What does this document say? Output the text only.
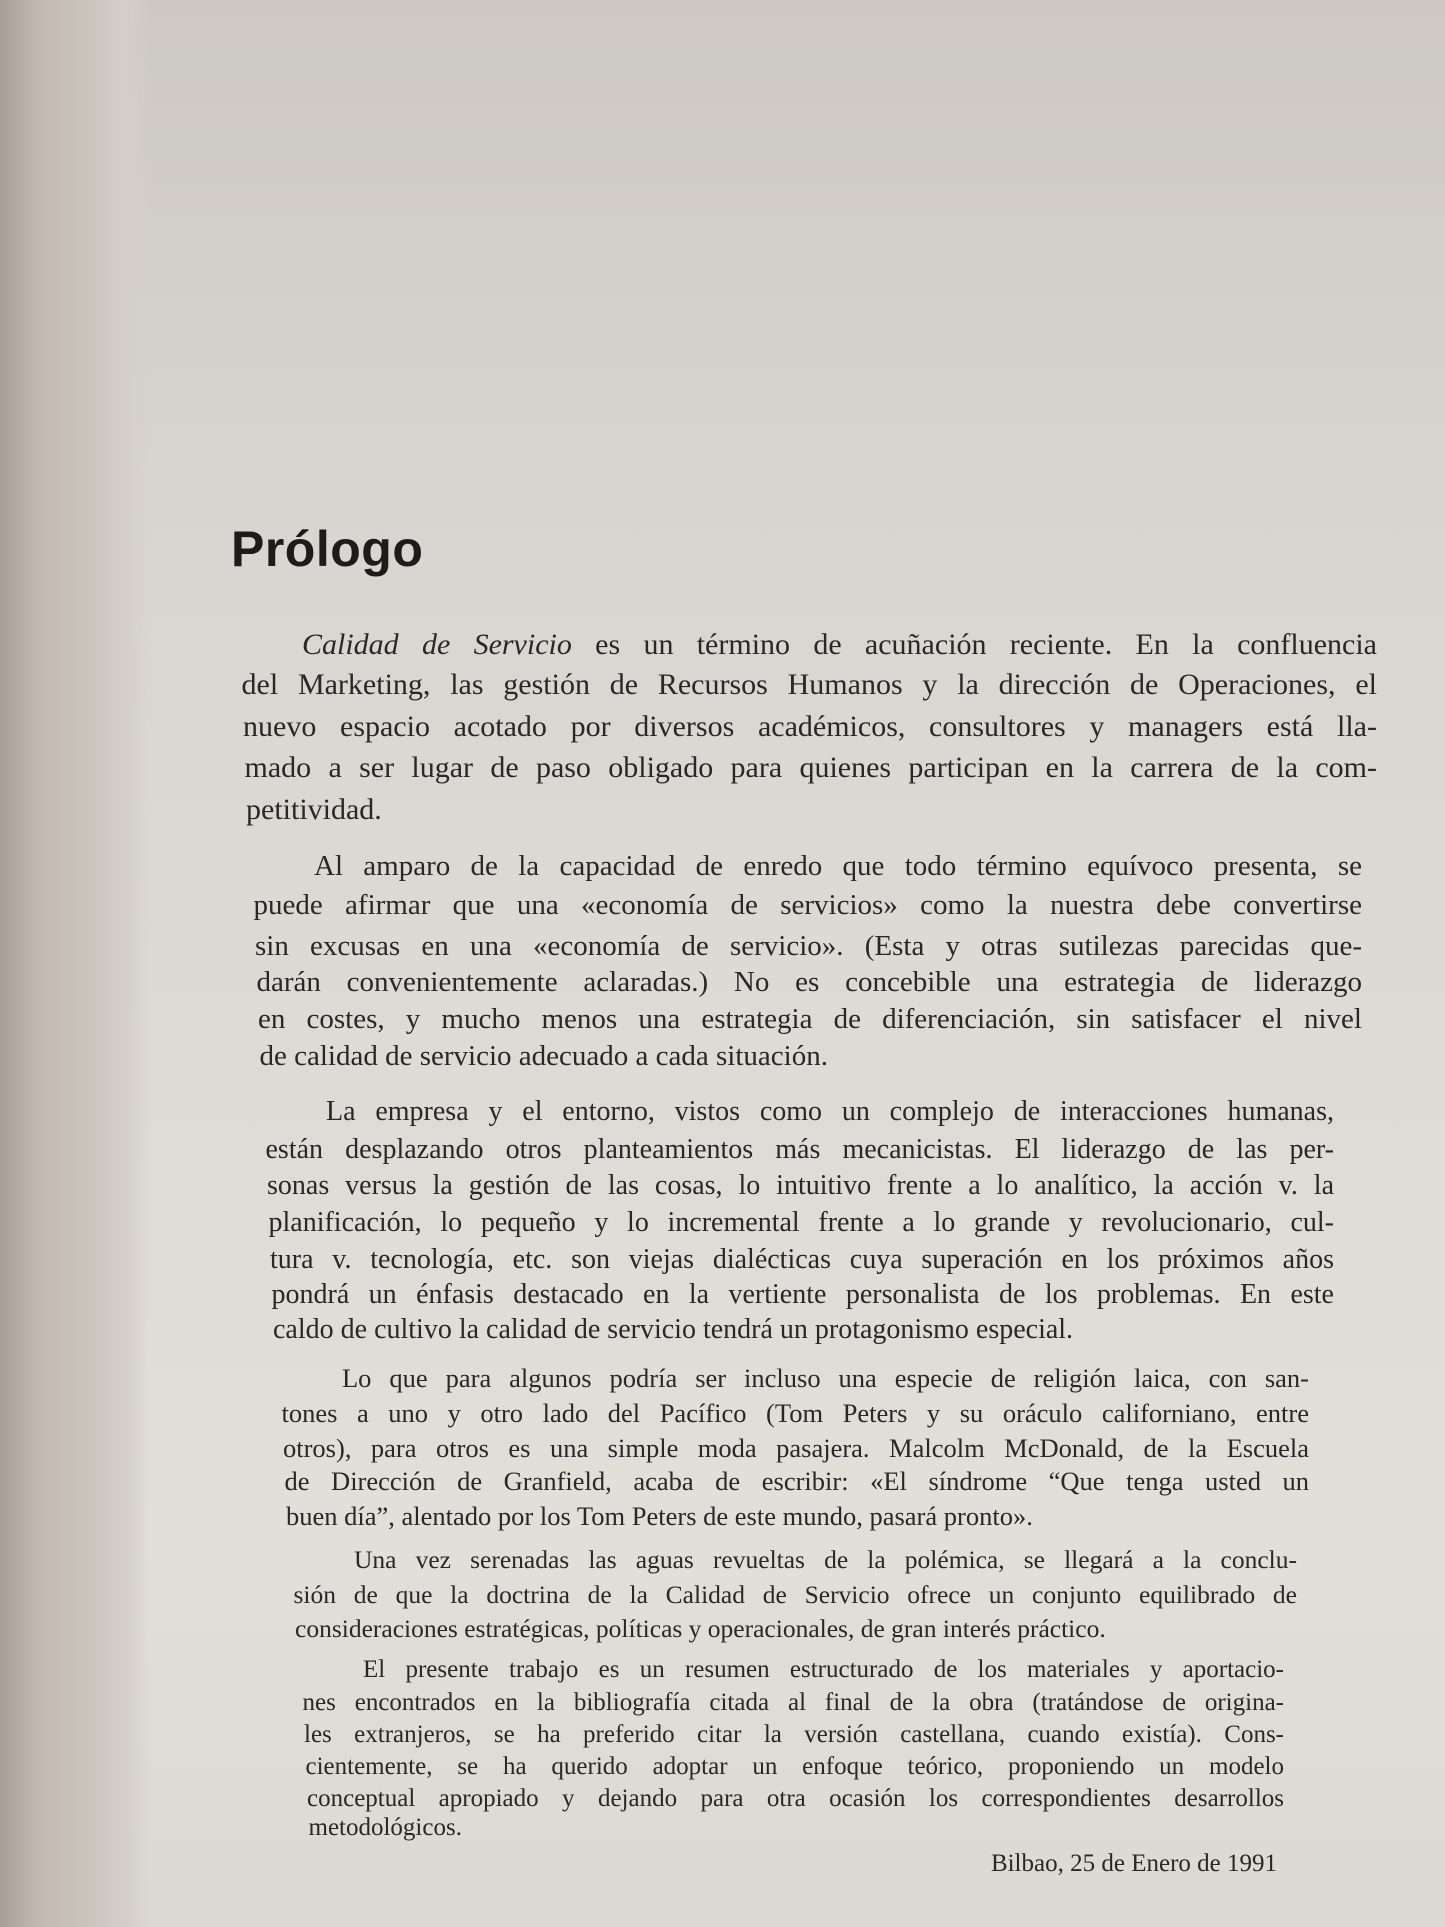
Prólogo
Calidad de Servicio es un término de acuñación reciente. En la confluencia
del Marketing, las gestión de Recursos Humanos y la dirección de Operaciones, el
nuevo espacio acotado por diversos académicos, consultores y managers está lla-
mado a ser lugar de paso obligado para quienes participan en la carrera de la com-
petitividad.
Al amparo de la capacidad de enredo que todo término equívoco presenta, se
puede afirmar que una «economía de servicios» como la nuestra debe convertirse
sin excusas en una «economía de servicio». (Esta y otras sutilezas parecidas que-
darán convenientemente aclaradas.) No es concebible una estrategia de liderazgo
en costes, y mucho menos una estrategia de diferenciación, sin satisfacer el nivel
de calidad de servicio adecuado a cada situación.
La empresa y el entorno, vistos como un complejo de interacciones humanas,
están desplazando otros planteamientos más mecanicistas. El liderazgo de las per-
sonas versus la gestión de las cosas, lo intuitivo frente a lo analítico, la acción v. la
planificación, lo pequeño y lo incremental frente a lo grande y revolucionario, cul-
tura v. tecnología, etc. son viejas dialécticas cuya superación en los próximos años
pondrá un énfasis destacado en la vertiente personalista de los problemas. En este
caldo de cultivo la calidad de servicio tendrá un protagonismo especial.
Lo que para algunos podría ser incluso una especie de religión laica, con san-
tones a uno y otro lado del Pacífico (Tom Peters y su oráculo californiano, entre
otros), para otros es una simple moda pasajera. Malcolm McDonald, de la Escuela
de Dirección de Granfield, acaba de escribir: «El síndrome “Que tenga usted un
buen día”, alentado por los Tom Peters de este mundo, pasará pronto».
Una vez serenadas las aguas revueltas de la polémica, se llegará a la conclu-
sión de que la doctrina de la Calidad de Servicio ofrece un conjunto equilibrado de
consideraciones estratégicas, políticas y operacionales, de gran interés práctico.
El presente trabajo es un resumen estructurado de los materiales y aportacio-
nes encontrados en la bibliografía citada al final de la obra (tratándose de origina-
les extranjeros, se ha preferido citar la versión castellana, cuando existía). Cons-
cientemente, se ha querido adoptar un enfoque teórico, proponiendo un modelo
conceptual apropiado y dejando para otra ocasión los correspondientes desarrollos
metodológicos.
Bilbao, 25 de Enero de 1991
